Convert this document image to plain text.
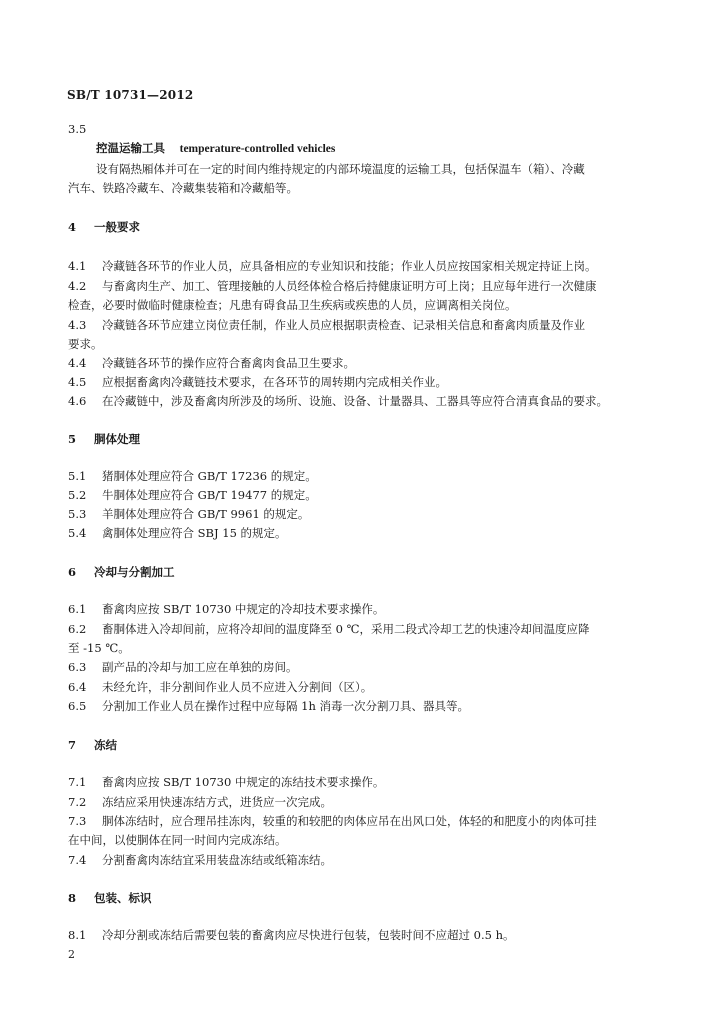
SB/T 10731—2012
3.5
控温运输工具 temperature-controlled vehicles
设有隔热厢体并可在一定的时间内维持规定的内部环境温度的运输工具，包括保温车（箱）、冷藏
汽车、铁路冷藏车、冷藏集装箱和冷藏船等。
4 一般要求
4.1 冷藏链各环节的作业人员，应具备相应的专业知识和技能；作业人员应按国家相关规定持证上岗。
4.2 与畜禽肉生产、加工、管理接触的人员经体检合格后持健康证明方可上岗；且应每年进行一次健康
检查，必要时做临时健康检查；凡患有碍食品卫生疾病或疾患的人员，应调离相关岗位。
4.3 冷藏链各环节应建立岗位责任制，作业人员应根据职责检查、记录相关信息和畜禽肉质量及作业
要求。
4.4 冷藏链各环节的操作应符合畜禽肉食品卫生要求。
4.5 应根据畜禽肉冷藏链技术要求，在各环节的周转期内完成相关作业。
4.6 在冷藏链中，涉及畜禽肉所涉及的场所、设施、设备、计量器具、工器具等应符合清真食品的要求。
5 胴体处理
5.1 猪胴体处理应符合 GB/T 17236 的规定。
5.2 牛胴体处理应符合 GB/T 19477 的规定。
5.3 羊胴体处理应符合 GB/T 9961 的规定。
5.4 禽胴体处理应符合 SBJ 15 的规定。
6 冷却与分割加工
6.1 畜禽肉应按 SB/T 10730 中规定的冷却技术要求操作。
6.2 畜胴体进入冷却间前，应将冷却间的温度降至 0 ℃，采用二段式冷却工艺的快速冷却间温度应降
至 -15 ℃。
6.3 副产品的冷却与加工应在单独的房间。
6.4 未经允许，非分割间作业人员不应进入分割间（区）。
6.5 分割加工作业人员在操作过程中应每隔 1h 消毒一次分割刀具、器具等。
7 冻结
7.1 畜禽肉应按 SB/T 10730 中规定的冻结技术要求操作。
7.2 冻结应采用快速冻结方式，进货应一次完成。
7.3 胴体冻结时，应合理吊挂冻肉，较重的和较肥的肉体应吊在出风口处，体轻的和肥度小的肉体可挂
在中间，以使胴体在同一时间内完成冻结。
7.4 分割畜禽肉冻结宜采用装盘冻结或纸箱冻结。
8 包装、标识
8.1 冷却分割或冻结后需要包装的畜禽肉应尽快进行包装，包装时间不应超过 0.5 h。
2
